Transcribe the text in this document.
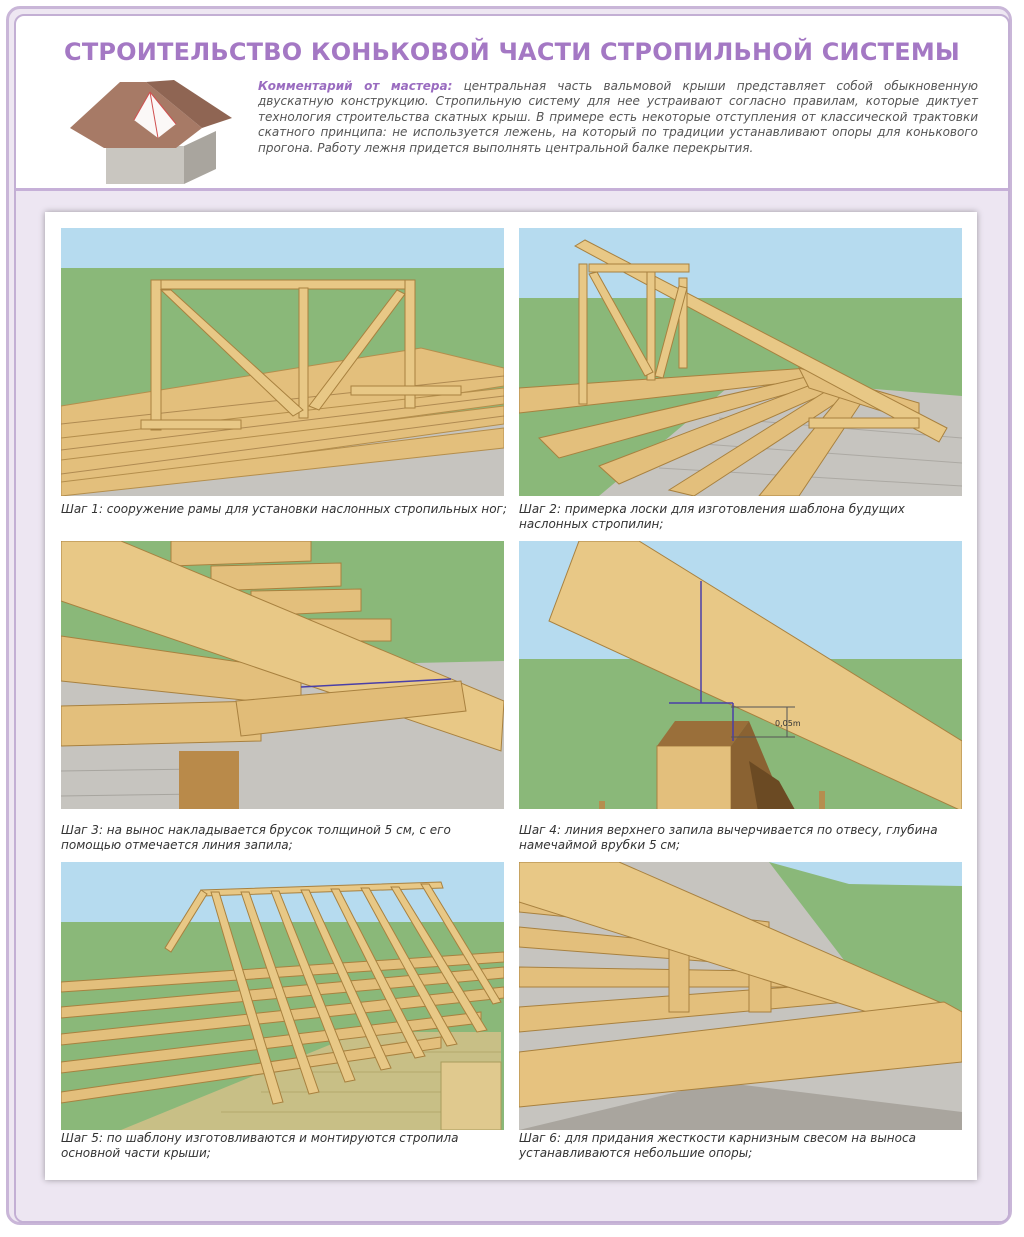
СТРОИТЕЛЬСТВО КОНЬКОВОЙ ЧАСТИ СТРОПИЛЬНОЙ СИСТЕМЫ

Комментарий от мастера: центральная часть вальмовой крыши представляет собой обыкновенную двускатную конструкцию. Стропильную систему для нее устраивают согласно правилам, которые диктует технология строительства скатных крыш. В примере есть некоторые отступления от классической трактовки скатного принципа: не используется лежень, на который по традиции устанавливают опоры для конькового прогона. Работу лежня придется выполнять центральной балке перекрытия.

Шаг 1: сооружение рамы для установки наслонных стропильных ног;	Шаг 2: примерка лоски для изготовления шаблона будущих наслонных стропилин;

Шаг 3: на вынос накладывается брусок толщиной 5 см, с его помощью отмечается линия запила;

0,05m

Шаг 4: линия верхнего запила вычерчивается по отвесу, глубина намечаймой врубки 5 см;

Шаг 5: по шаблону изготовливаются и монтируются стропила основной части крыши;

Шаг 6: для придания жесткости карнизным свесом на выноса устанавливаются небольшие опоры;
